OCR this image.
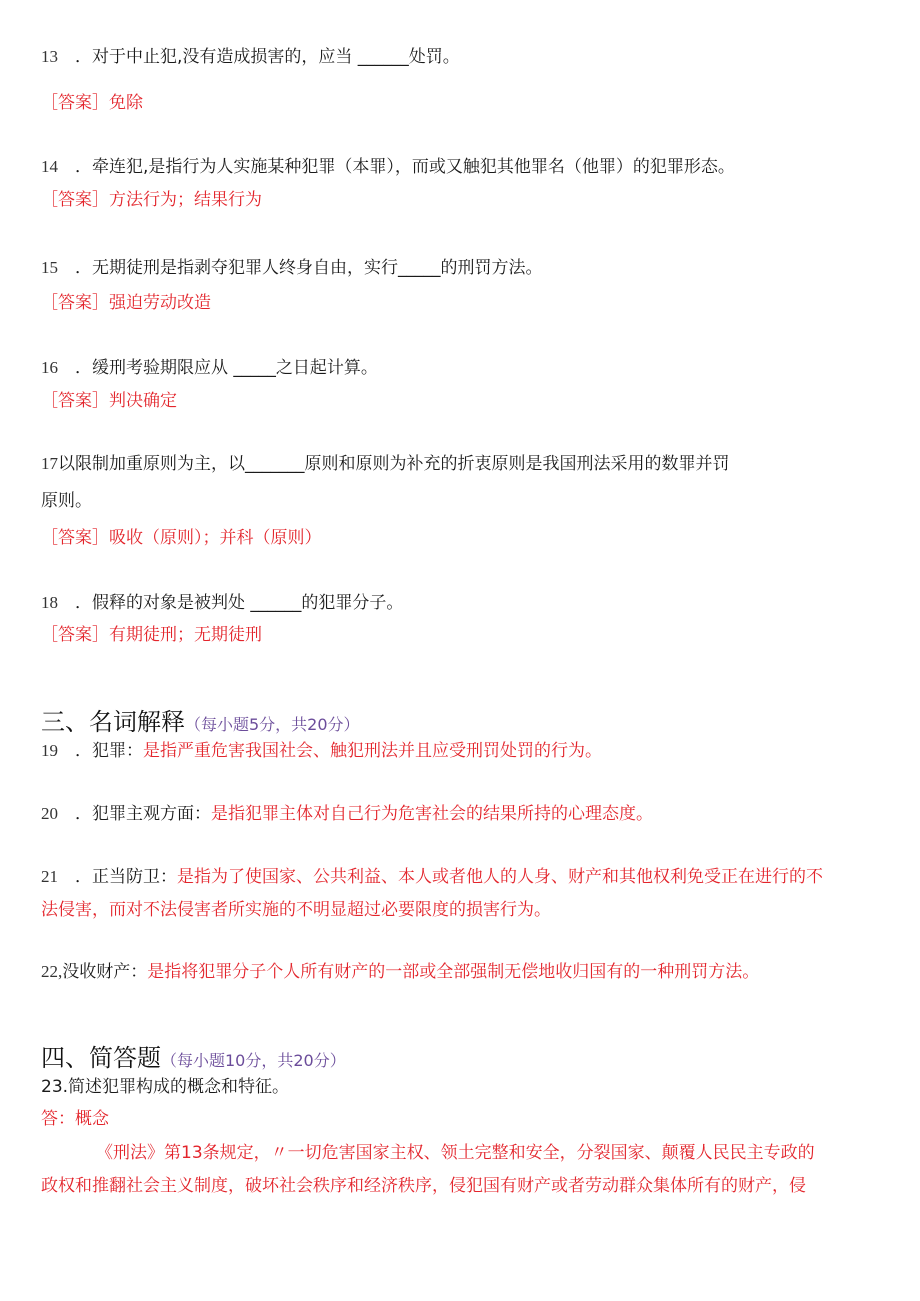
13 ．对于中止犯,没有造成损害的，应当 ______处罚。
［答案］免除
14 ．牵连犯,是指行为人实施某种犯罪（本罪），而或又触犯其他罪名（他罪）的犯罪形态。
［答案］方法行为；结果行为
15 ．无期徒刑是指剥夺犯罪人终身自由，实行_____的刑罚方法。
［答案］强迫劳动改造
16 ．缓刑考验期限应从 _____之日起计算。
［答案］判决确定
17以限制加重原则为主，以_______原则和原则为补充的折衷原则是我国刑法采用的数罪并罚
原则。
［答案］吸收（原则）；并科（原则）
18 ．假释的对象是被判处 ______的犯罪分子。
［答案］有期徒刑；无期徒刑
三、名词解释（每小题5分，共20分）
19 ．犯罪：是指严重危害我国社会、触犯刑法并且应受刑罚处罚的行为。
20 ．犯罪主观方面：是指犯罪主体对自己行为危害社会的结果所持的心理态度。
21 ．正当防卫：是指为了使国家、公共利益、本人或者他人的人身、财产和其他权利免受正在进行的不
法侵害，而对不法侵害者所实施的不明显超过必要限度的损害行为。
22,没收财产：是指将犯罪分子个人所有财产的一部或全部强制无偿地收归国有的一种刑罚方法。
四、简答题（每小题10分，共20分）
23.简述犯罪构成的概念和特征。
答：概念
《刑法》第13条规定，〃一切危害国家主权、领土完整和安全，分裂国家、颠覆人民民主专政的
政权和推翻社会主义制度，破坏社会秩序和经济秩序，侵犯国有财产或者劳动群众集体所有的财产，侵
